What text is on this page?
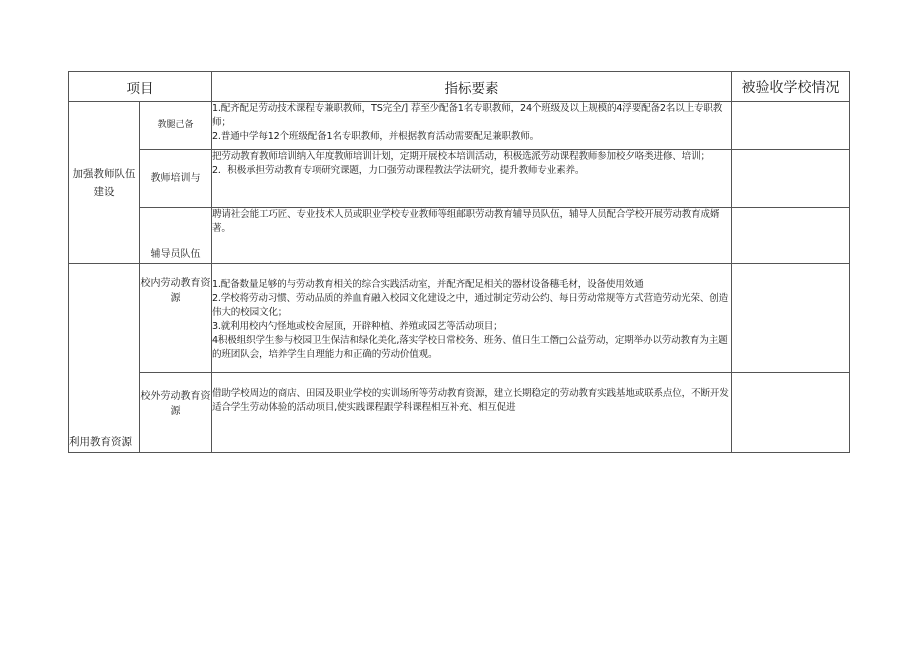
项目		指标要素	被验收学校情况
加强教师队伍建设	教腿己备	1.配齐配足劳动技术课程专兼职教师，TS完全/] 荐至少配备1名专职教师，24个班级及以上规模的4浮要配备2名以上专职教师；
2.普通中学每12个班级配备1名专职教师，并根据教育活动需要配足兼职教师。	

	教师培训与	把劳动教育教师培训纳入年度教师培训计划，定期开展校本培训活动，积极选派劳动课程教师参加校夕咯类进修、培训；
2．积极承担劳动教育专项研究课题，力口强劳动课程教法学法研究，提升教师专业素养。	

	辅导员队伍	聘请社会能工巧匠、专业技术人员或职业学校专业教师等组邮职劳动教育辅导员队伍，辅导人员配合学校开展劳动教育成婿著。	

利用教育资源	校内劳动教育资源	1.配备数量足够的与劳动教育相关的综合实践活动室，并配齐配足相关的器材设备穗毛材，设备使用效通
2.学校将劳动习惯、劳动品质的养血育融入校园文化建设之中，通过制定劳动公约、每日劳动常规等方式营造劳动光荣、创造伟大的校园文化；
3.就利用校内勺怪地或校舍屋顶，开辟种植、养殖或园艺等活动项目；
4积极组织学生参与校园卫生保洁和绿化美化,落实学校日常校务、班务、值日生工僭□公益劳动，定期举办以劳动教育为主题的班团队会，培养学生自理能力和正确的劳动价值观。	

	校外劳动教育资源	借助学校周边的商店、田园及职业学校的实训场所等劳动教育资源，建立长期稳定的劳动教育实践基地或联系点位，不断开发适合学生劳动体验的活动项目,使实践课程跟学科课程相互补充、相互促进	
